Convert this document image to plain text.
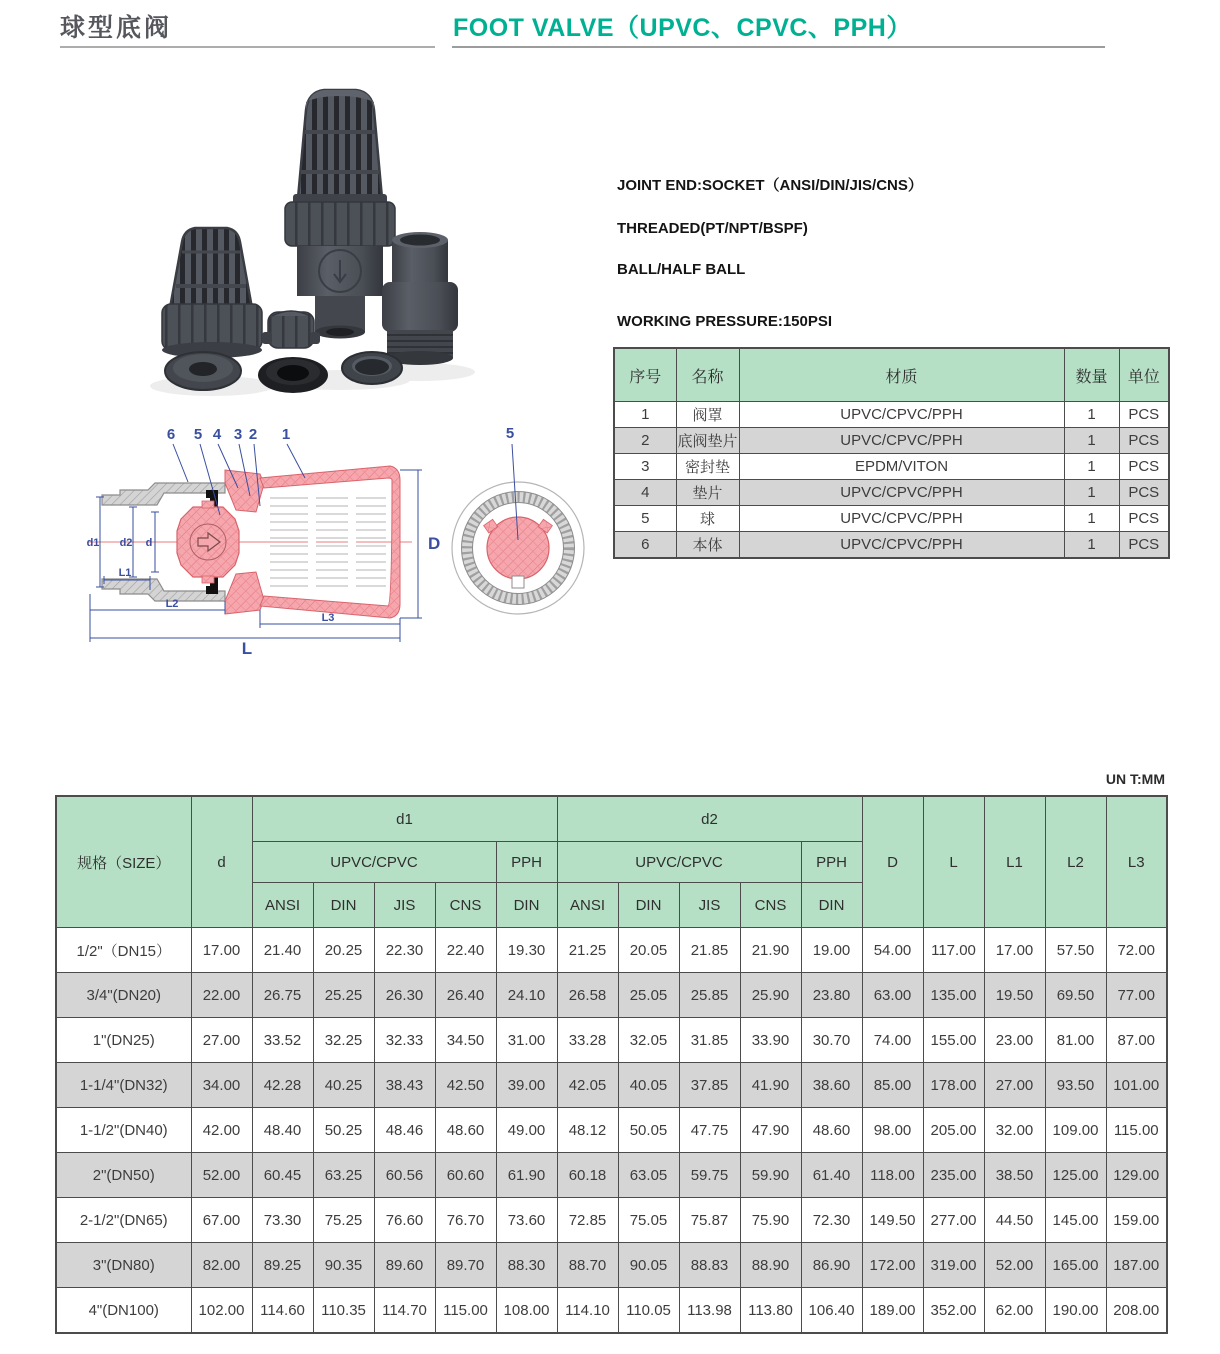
球型底阀	FOOT VALVE（UPVC、CPVC、PPH）
6 5 4 3 2 1
d1 d2 d
L1
L2
L3
L
D
5
JOINT END:SOCKET（ANSI/DIN/JIS/CNS）
THREADED(PT/NPT/BSPF)
BALL/HALF BALL
WORKING PRESSURE:150PSI
序号	名称	材质	数量	单位
1	阀罩	UPVC/CPVC/PPH	1	PCS
2	底阀垫片	UPVC/CPVC/PPH	1	PCS
3	密封垫	EPDM/VITON	1	PCS
4	垫片	UPVC/CPVC/PPH	1	PCS
5	球	UPVC/CPVC/PPH	1	PCS
6	本体	UPVC/CPVC/PPH	1	PCS
UN T:MM
规格（SIZE）	d	d1					d2					D	L	L1	L2	L3
		UPVC/CPVC				PPH	UPVC/CPVC				PPH					
		ANSI	DIN	JIS	CNS	DIN	ANSI	DIN	JIS	CNS	DIN					
1/2"（DN15）	17.00	21.40	20.25	22.30	22.40	19.30	21.25	20.05	21.85	21.90	19.00	54.00	117.00	17.00	57.50	72.00
3/4"(DN20)	22.00	26.75	25.25	26.30	26.40	24.10	26.58	25.05	25.85	25.90	23.80	63.00	135.00	19.50	69.50	77.00
1"(DN25)	27.00	33.52	32.25	32.33	34.50	31.00	33.28	32.05	31.85	33.90	30.70	74.00	155.00	23.00	81.00	87.00
1-1/4"(DN32)	34.00	42.28	40.25	38.43	42.50	39.00	42.05	40.05	37.85	41.90	38.60	85.00	178.00	27.00	93.50	101.00
1-1/2"(DN40)	42.00	48.40	50.25	48.46	48.60	49.00	48.12	50.05	47.75	47.90	48.60	98.00	205.00	32.00	109.00	115.00
2"(DN50)	52.00	60.45	63.25	60.56	60.60	61.90	60.18	63.05	59.75	59.90	61.40	118.00	235.00	38.50	125.00	129.00
2-1/2"(DN65)	67.00	73.30	75.25	76.60	76.70	73.60	72.85	75.05	75.87	75.90	72.30	149.50	277.00	44.50	145.00	159.00
3"(DN80)	82.00	89.25	90.35	89.60	89.70	88.30	88.70	90.05	88.83	88.90	86.90	172.00	319.00	52.00	165.00	187.00
4"(DN100)	102.00	114.60	110.35	114.70	115.00	108.00	114.10	110.05	113.98	113.80	106.40	189.00	352.00	62.00	190.00	208.00
